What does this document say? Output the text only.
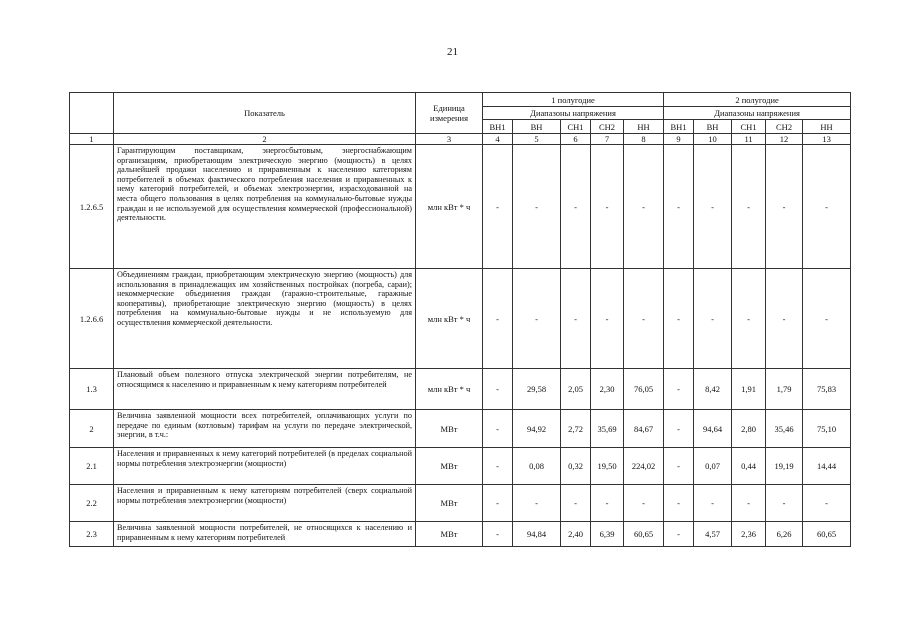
21
	Показатель	Единица измерения	1 полугодие					2 полугодие				
			Диапазоны напряжения					Диапазоны напряжения				
			ВН1	ВН	СН1	СН2	НН	ВН1	ВН	СН1	СН2	НН
1	2	3	4	5	6	7	8	9	10	11	12	13
1.2.6.5	Гарантирующим поставщикам, энергосбытовым, энергоснабжающим организациям, приобретающим электрическую энергию (мощность) в целях дальнейшей продажи населению и приравненным к населению категориям потребителей в объемах фактического потребления населения и приравненных к нему категорий потребителей, и объемах электроэнергии, израсходованной на места общего пользования в целях потребления на коммунально-бытовые нужды граждан и не используемой для осуществления коммерческой (профессиональной) деятельности.	млн кВт * ч	-	-	-	-	-	-	-	-	-	-
1.2.6.6	Объединениям граждан, приобретающим электрическую энергию (мощность) для использования в принадлежащих им хозяйственных постройках (погреба, сараи); некоммерческие объединения граждан (гаражно-строительные, гаражные кооперативы), приобретающие электрическую энергию (мощность) в целях потребления на коммунально-бытовые нужды и не используемую для осуществления коммерческой деятельности.	млн кВт * ч	-	-	-	-	-	-	-	-	-	-
1.3	Плановый объем полезного отпуска электрической энергии потребителям, не относящимся к населению и приравненным к нему категориям потребителей	млн кВт * ч	-	29,58	2,05	2,30	76,05	-	8,42	1,91	1,79	75,83
2	Величина заявленной мощности всех потребителей, оплачивающих услуги по передаче по единым (котловым) тарифам на услуги по передаче электрической, энергии, в т.ч.:	МВт	-	94,92	2,72	35,69	84,67	-	94,64	2,80	35,46	75,10
2.1	Населения и приравненных к нему категорий потребителей (в пределах социальной нормы потребления электроэнергии (мощности)	МВт	-	0,08	0,32	19,50	224,02	-	0,07	0,44	19,19	14,44
2.2	Населения и приравненным к нему категориям потребителей (сверх социальной нормы потребления электроэнергии (мощности)	МВт	-	-	-	-	-	-	-	-	-	-
2.3	Величина заявленной мощности потребителей, не относящихся к населению и приравненным к нему категориям потребителей	МВт	-	94,84	2,40	6,39	60,65	-	4,57	2,36	6,26	60,65
